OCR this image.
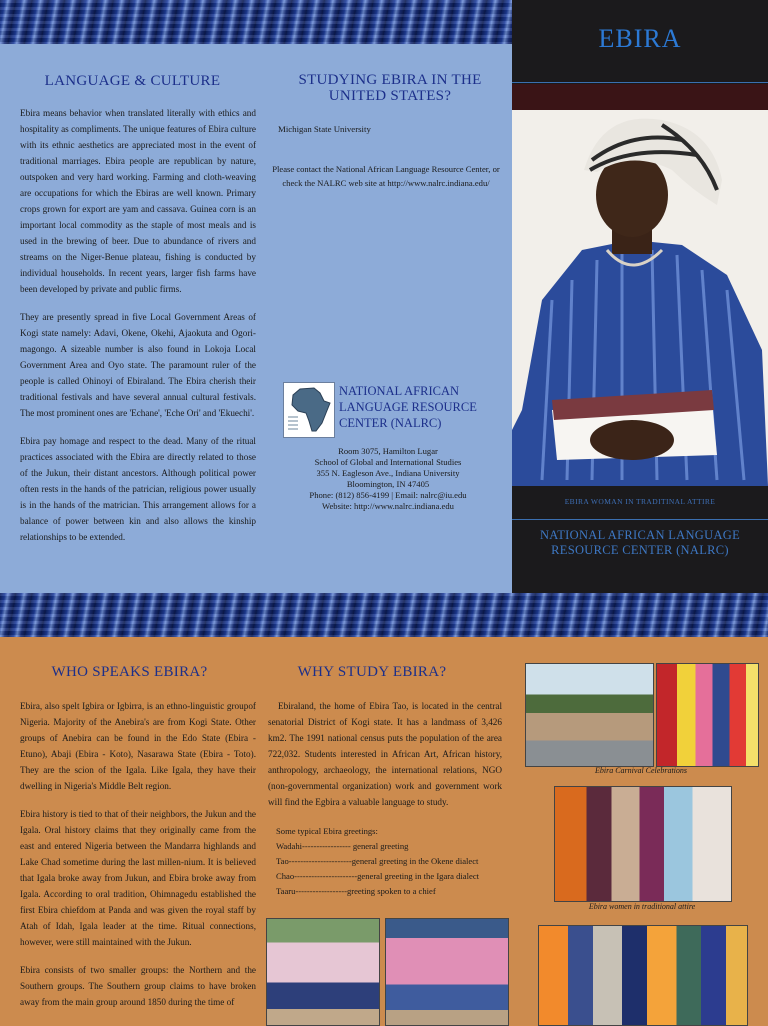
LANGUAGE & CULTURE

Ebira means behavior when translated literally with ethics and hospitality as compliments. The unique features of Ebira culture with its ethnic aesthetics are appreciated most in the event of traditional marriages. Ebira people are republican by nature, outspoken and very hard working. Farming and cloth-weaving are occupations for which the Ebiras are well known. Primary crops grown for export are yam and cassava. Guinea corn is an important local commodity as the staple of most meals and is used in the brewing of beer. Due to abundance of rivers and streams on the Niger-Benue plateau, fishing is conducted by individual households. In recent years, larger fish farms have been developed by private and public firms.

They are presently spread in five Local Government Areas of Kogi state namely: Adavi, Okene, Okehi, Ajaokuta and Ogori-magongo. A sizeable number is also found in Lokoja Local Government Area and Oyo state. The paramount ruler of the people is called Ohinoyi of Ebiraland. The Ebira cherish their traditional festivals and have several annual cultural festivals. The most prominent ones are 'Echane', 'Eche Ori' and 'Ekuechi'.

Ebira pay homage and respect to the dead. Many of the ritual practices associated with the Ebira are directly related to those of the Jukun, their distant ancestors. Although political power often rests in the hands of the patrician, religious power usually is in the hands of the matrician. This arrangement allows for a balance of power between kin and also allows the kinship relationships to be extended.

STUDYING EBIRA IN THE UNITED STATES?
Michigan State University
Please contact the National African Language Resource Center, or check the NALRC web site at http://www.nalrc.indiana.edu/
NATIONAL AFRICAN LANGUAGE RESOURCE CENTER (NALRC)
Room 3075, Hamilton Lugar
School of Global and International Studies
355 N. Eagleson Ave., Indiana University
Bloomington, IN 47405
Phone: (812) 856-4199 | Email: nalrc@iu.edu
Website: http://www.nalrc.indiana.edu
EBIRA
EBIRA WOMAN IN TRADITINAL ATTIRE
NATIONAL AFRICAN LANGUAGE RESOURCE CENTER (NALRC)
WHO SPEAKS EBIRA?

Ebira, also spelt Igbira or Igbirra, is an ethno-linguistic groupof Nigeria. Majority of the Anebira's are from Kogi State. Other groups of Anebira can be found in the Edo State (Ebira - Etuno), Abaji (Ebira - Koto), Nasarawa State (Ebira - Toto). They are the scion of the Igala. Like Igala, they have their dwelling in Nigeria's Middle Belt region.

Ebira history is tied to that of their neighbors, the Jukun and the Igala. Oral history claims that they originally came from the east and entered Nigeria between the Mandarra highlands and Lake Chad sometime during the last millen-nium. It is believed that Igala broke away from Jukun, and Ebira broke away from Igala. According to oral tradition, Ohimnagedu established the first Ebira chiefdom at Panda and was given the royal staff by Atah of Idah, Igala leader at the time. Ritual connections, however, were still maintained with the Jukun.

Ebira consists of two smaller groups: the Northern and the Southern groups. The Southern group claims to have broken away from the main group around 1850 during the time of

WHY STUDY EBIRA?
Ebiraland, the home of Ebira Tao, is located in the central senatorial District of Kogi state. It has a landmass of 3,426 km2. The 1991 national census puts the population of the area 722,032. Students interested in African Art, African history, anthropology, archaeology, the international relations, NGO (non-governmental organization) work and government work will find the Egbira a valuable language to study.
Some typical Ebira greetings:
Wadahi----------------- general greeting
Tao----------------------general greeting in the Okene dialect
Chao----------------------general greeting in the Igara dialect
Taaru------------------greeting spoken to a chief
Ebira Carnival Celebrations
Ebira women in traditional attire
